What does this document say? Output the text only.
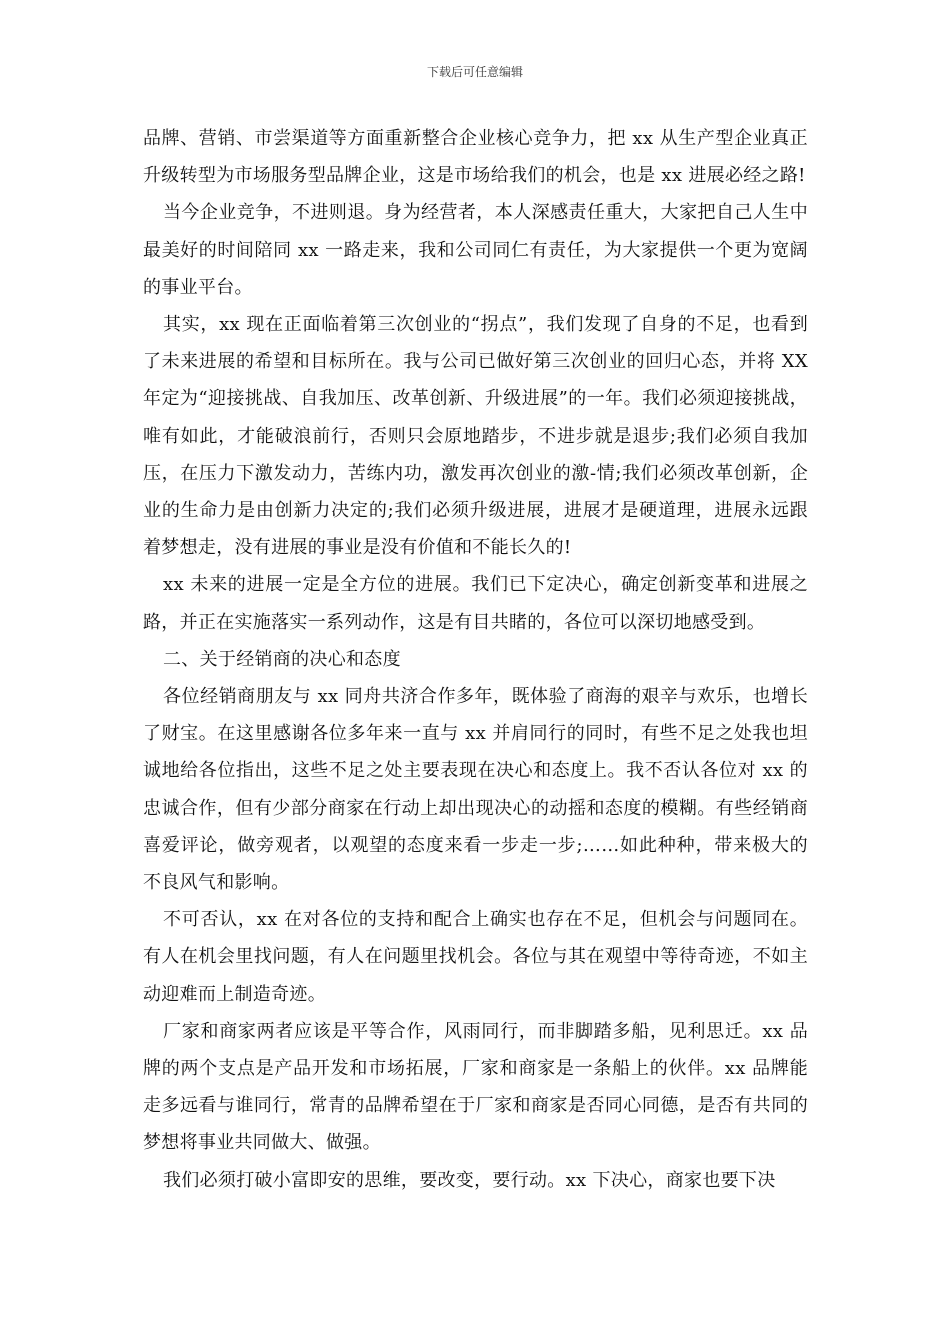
下载后可任意编辑

品牌、营销、市尝渠道等方面重新整合企业核心竞争力，把 xx 从生产型企业真正升级转型为市场服务型品牌企业，这是市场给我们的机会，也是 xx 进展必经之路!

当今企业竞争，不进则退。身为经营者，本人深感责任重大，大家把自己人生中最美好的时间陪同 xx 一路走来，我和公司同仁有责任，为大家提供一个更为宽阔的事业平台。

其实，xx 现在正面临着第三次创业的“拐点”，我们发现了自身的不足，也看到了未来进展的希望和目标所在。我与公司已做好第三次创业的回归心态，并将 XX 年定为“迎接挑战、自我加压、改革创新、升级进展”的一年。我们必须迎接挑战，唯有如此，才能破浪前行，否则只会原地踏步，不进步就是退步;我们必须自我加压，在压力下激发动力，苦练内功，激发再次创业的激-情;我们必须改革创新，企业的生命力是由创新力决定的;我们必须升级进展，进展才是硬道理，进展永远跟着梦想走，没有进展的事业是没有价值和不能长久的!

xx 未来的进展一定是全方位的进展。我们已下定决心，确定创新变革和进展之路，并正在实施落实一系列动作，这是有目共睹的，各位可以深切地感受到。

二、关于经销商的决心和态度

各位经销商朋友与 xx 同舟共济合作多年，既体验了商海的艰辛与欢乐，也增长了财宝。在这里感谢各位多年来一直与 xx 并肩同行的同时，有些不足之处我也坦诚地给各位指出，这些不足之处主要表现在决心和态度上。我不否认各位对 xx 的忠诚合作，但有少部分商家在行动上却出现决心的动摇和态度的模糊。有些经销商喜爱评论，做旁观者，以观望的态度来看一步走一步;……如此种种，带来极大的不良风气和影响。

不可否认，xx 在对各位的支持和配合上确实也存在不足，但机会与问题同在。有人在机会里找问题，有人在问题里找机会。各位与其在观望中等待奇迹，不如主动迎难而上制造奇迹。

厂家和商家两者应该是平等合作，风雨同行，而非脚踏多船，见利思迁。xx 品牌的两个支点是产品开发和市场拓展，厂家和商家是一条船上的伙伴。xx 品牌能走多远看与谁同行，常青的品牌希望在于厂家和商家是否同心同德，是否有共同的梦想将事业共同做大、做强。

我们必须打破小富即安的思维，要改变，要行动。xx 下决心，商家也要下决
